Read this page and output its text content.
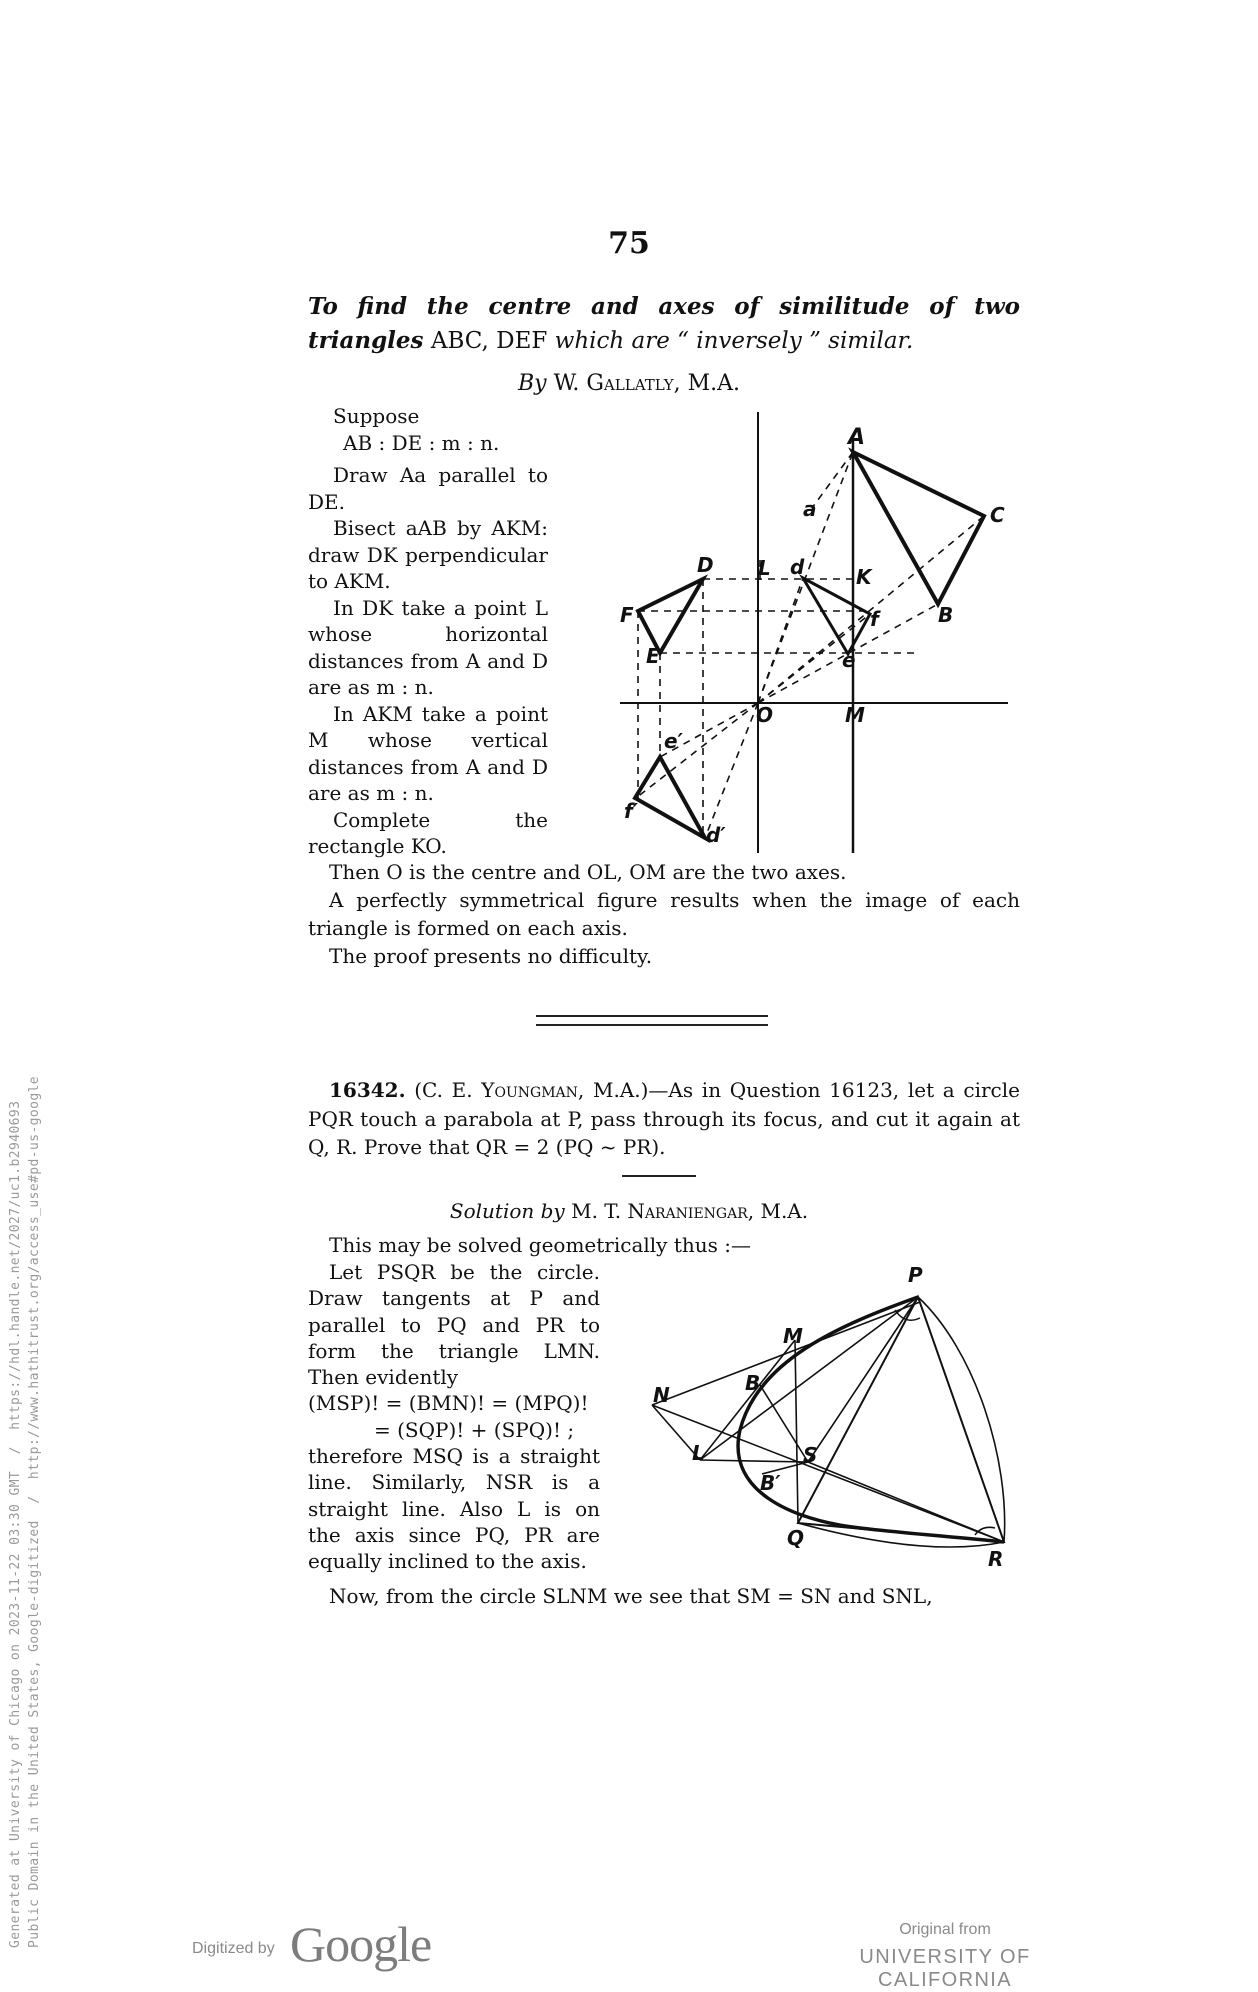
75
To find the centre and axes of similitude of two triangles ABC, DEF which are “ inversely ” similar.
By W. Gallatly, M.A.

Suppose

AB : DE : m : n.

Draw Aa parallel to DE.

Bisect aAB by AKM: draw DK perpendicular to AKM.

In DK take a point L whose horizontal distances from A and D are as m : n.

In AKM take a point M whose vertical distances from A and D are as m : n.

Complete the rectangle KO.

A
a	C
D L d	K
F	f	B
E	e
O	M
e′
f′
d′

Then O is the centre and OL, OM are the two axes.

A perfectly symmetrical figure results when the image of each triangle is formed on each axis.

The proof presents no difficulty.

16342. (C. E. Youngman, M.A.)—As in Question 16123, let a circle PQR touch a parabola at P, pass through its focus, and cut it again at Q, R. Prove that QR = 2 (PQ ~ PR).

Solution by M. T. Naraniengar, M.A.

This may be solved geometrically thus :—

Let PSQR be the circle. Draw tangents at P and parallel to PQ and PR to form the triangle LMN. Then evidently

(MSP)! = (BMN)! = (MPQ)!

= (SQP)! + (SPQ)! ;

therefore MSQ is a straight line. Similarly, NSR is a straight line. Also L is on the axis since PQ, PR are equally inclined to the axis.

P
M
N	B
L	S
B′
Q
R

Now, from the circle SLNM we see that SM = SN and SNL,

Generated at University of Chicago on 2023-11-22 03:30 GMT  /  https://hdl.handle.net/2027/uc1.b2940693 Public Domain in the United States, Google-digitized  /  http://www.hathitrust.org/access_use#pd-us-google
Digitized by Google	Original from
UNIVERSITY OF CALIFORNIA
